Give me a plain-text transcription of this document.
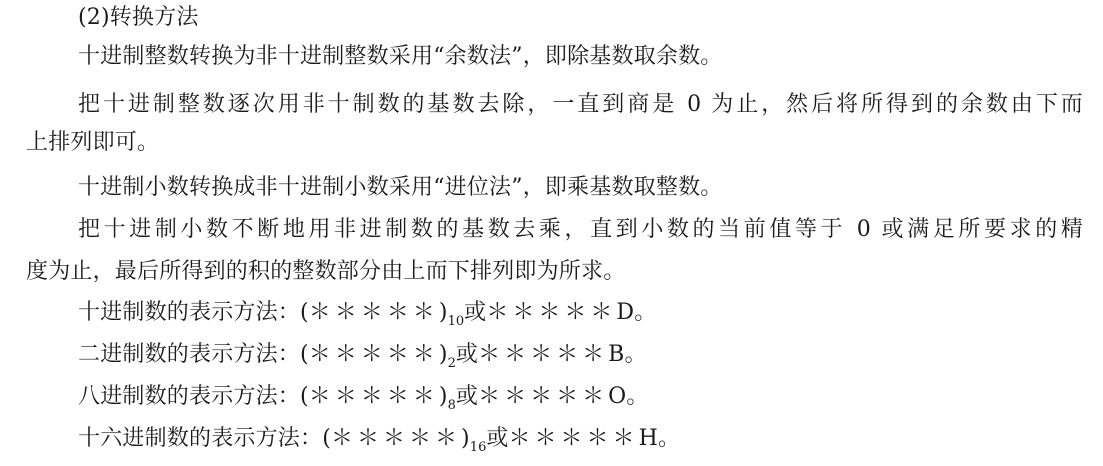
(2)转换方法
十进制整数转换为非十进制整数采用“余数法”，即除基数取余数。
把十进制整数逐次用非十制数的基数去除，一直到商是 0 为止，然后将所得到的余数由下而
上排列即可。
十进制小数转换成非十进制小数采用“进位法”，即乘基数取整数。
把十进制小数不断地用非进制数的基数去乘，直到小数的当前值等于 0 或满足所要求的精
度为止，最后所得到的积的整数部分由上而下排列即为所求。
十进制数的表示方法：$(*****)_{10}$或＊＊＊＊＊D。
二进制数的表示方法：$(*****)_2$或＊＊＊＊＊B。
八进制数的表示方法：$(*****)_8$或＊＊＊＊＊O。
十六进制数的表示方法：$(*****)_{16}$或＊＊＊＊＊H。
